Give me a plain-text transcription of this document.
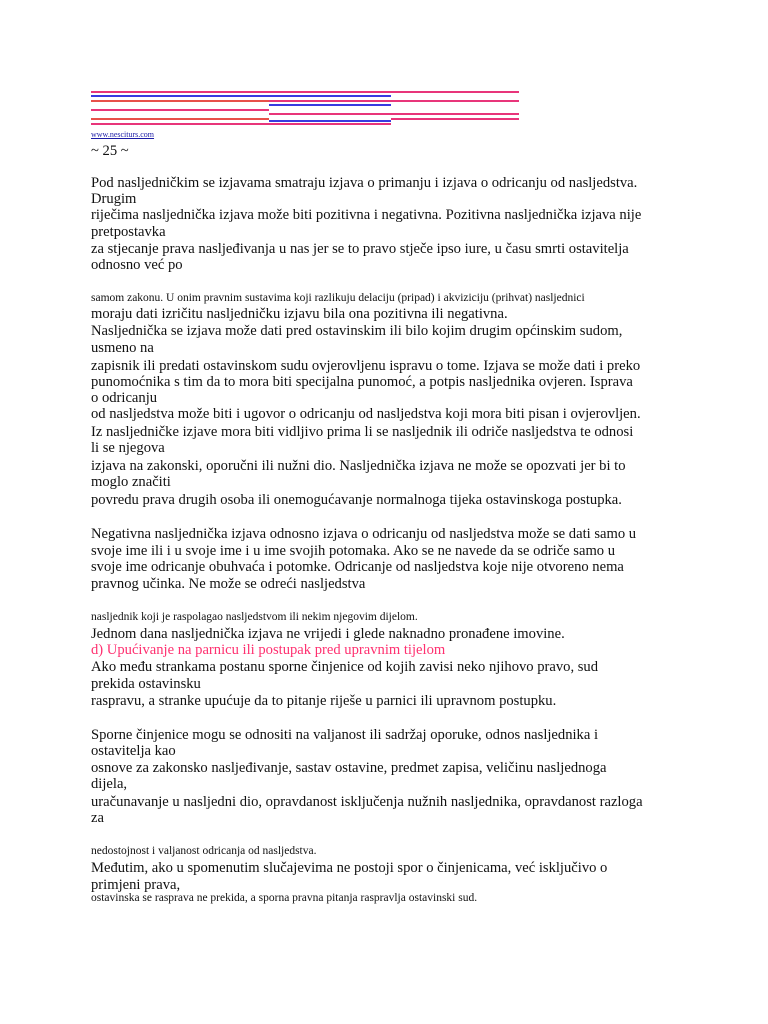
www.nesciturs.com
~ 25 ~
Pod nasljedničkim se izjavama smatraju izjava o primanju i izjava o odricanju od nasljedstva.
Drugim
riječima nasljednička izjava može biti pozitivna i negativna. Pozitivna nasljednička izjava nije
pretpostavka
za stjecanje prava nasljeđivanja u nas jer se to pravo stječe ipso iure, u času smrti ostavitelja
odnosno već po
samom zakonu. U onim pravnim sustavima koji razlikuju delaciju (pripad) i akviziciju (prihvat) nasljednici
moraju dati izričitu nasljedničku izjavu bila ona pozitivna ili negativna.
Nasljednička se izjava može dati pred ostavinskim ili bilo kojim drugim općinskim sudom,
usmeno na
zapisnik ili predati ostavinskom sudu ovjerovljenu ispravu o tome. Izjava se može dati i preko
punomoćnika s tim da to mora biti specijalna punomoć, a potpis nasljednika ovjeren. Isprava
o odricanju
od nasljedstva može biti i ugovor o odricanju od nasljedstva koji mora biti pisan i ovjerovljen.
Iz nasljedničke izjave mora biti vidljivo prima li se nasljednik ili odriče nasljedstva te odnosi
li se njegova
izjava na zakonski, oporučni ili nužni dio. Nasljednička izjava ne može se opozvati jer bi to
moglo značiti
povredu prava drugih osoba ili onemogućavanje normalnoga tijeka ostavinskoga postupka.
Negativna nasljednička izjava odnosno izjava o odricanju od nasljedstva može se dati samo u
svoje ime ili i u svoje ime i u ime svojih potomaka. Ako se ne navede da se odriče samo u
svoje ime odricanje obuhvaća i potomke. Odricanje od nasljedstva koje nije otvoreno nema
pravnog učinka. Ne može se odreći nasljedstva
nasljednik koji je raspolagao nasljedstvom ili nekim njegovim dijelom.
Jednom dana nasljednička izjava ne vrijedi i glede naknadno pronađene imovine.
d) Upućivanje na parnicu ili postupak pred upravnim tijelom
Ako među strankama postanu sporne činjenice od kojih zavisi neko njihovo pravo, sud
prekida ostavinsku
raspravu, a stranke upućuje da to pitanje riješe u parnici ili upravnom postupku.
Sporne činjenice mogu se odnositi na valjanost ili sadržaj oporuke, odnos nasljednika i
ostavitelja kao
osnove za zakonsko nasljeđivanje, sastav ostavine, predmet zapisa, veličinu nasljednoga
dijela,
uračunavanje u nasljedni dio, opravdanost isključenja nužnih nasljednika, opravdanost razloga
za
nedostojnost i valjanost odricanja od nasljedstva.
Međutim, ako u spomenutim slučajevima ne postoji spor o činjenicama, već isključivo o
primjeni prava,
ostavinska se rasprava ne prekida, a sporna pravna pitanja raspravlja ostavinski sud.
